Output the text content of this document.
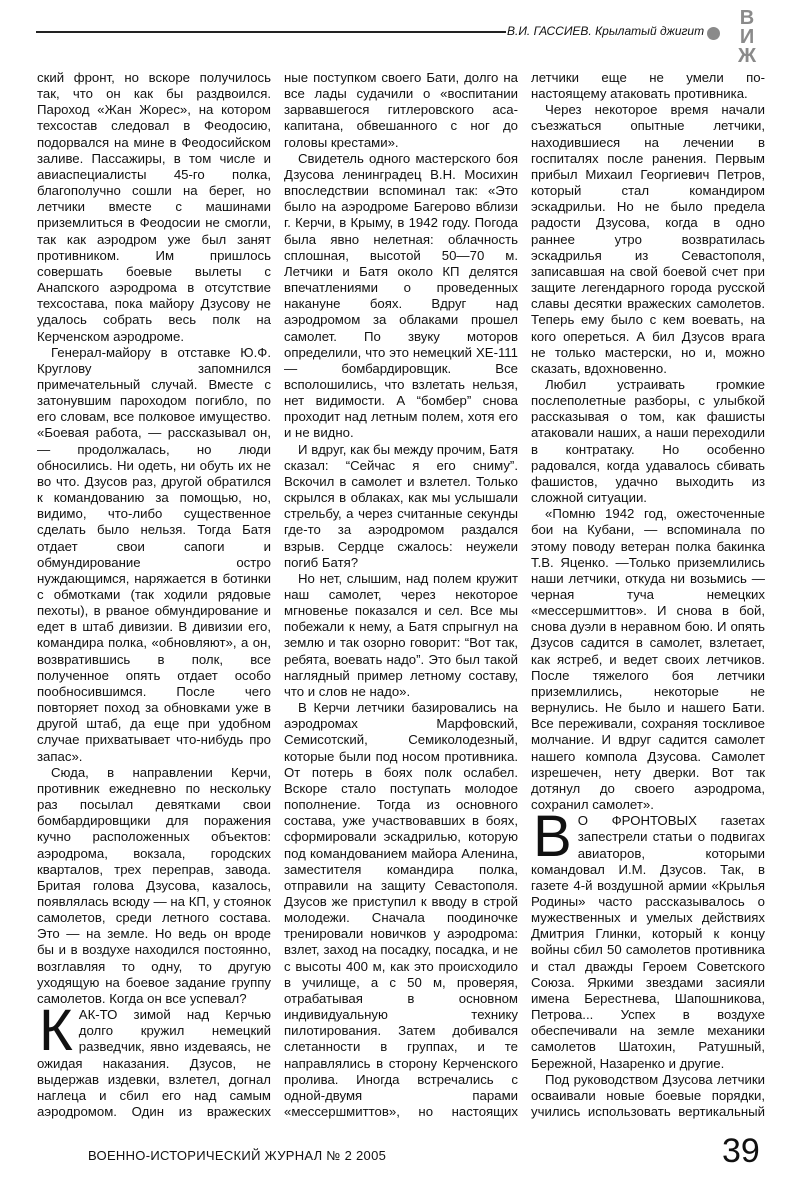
В.И. ГАССИЕВ. Крылатый джигит
В
И
Ж

ский фронт, но вскоре получилось так, что он как бы раздвоился. Пароход «Жан Жорес», на котором техсостав следовал в Феодосию, подорвался на мине в Феодосийском заливе. Пассажиры, в том числе и авиаспециалисты 45-го полка, благополучно сошли на берег, но летчики вместе с машинами приземлиться в Феодосии не смогли, так как аэродром уже был занят противником. Им пришлось совершать боевые вылеты с Анапского аэродрома в отсутствие техсостава, пока майору Дзусову не удалось собрать весь полк на Керченском аэродроме.

Генерал-майору в отставке Ю.Ф. Круглову запомнился примечательный случай. Вместе с затонувшим пароходом погибло, по его словам, все полковое имущество. «Боевая работа, — рассказывал он, — продолжалась, но люди обносились. Ни одеть, ни обуть их не во что. Дзусов раз, другой обратился к командованию за помощью, но, видимо, что-либо существенное сделать было нельзя. Тогда Батя отдает свои сапоги и обмундирование остро нуждающимся, наряжается в ботинки с обмотками (так ходили рядовые пехоты), в рваное обмундирование и едет в штаб дивизии. В дивизии его, командира полка, «обновляют», а он, возвратившись в полк, все полученное опять отдает особо пообносившимся. После чего повторяет поход за обновками уже в другой штаб, да еще при удобном случае прихватывает что-нибудь про запас».

Сюда, в направлении Керчи, противник ежедневно по нескольку раз посылал девятками свои бомбардировщики для поражения кучно расположенных объектов: аэродрома, вокзала, городских кварталов, трех переправ, завода. Бритая голова Дзусова, казалось, появлялась всюду — на КП, у стоянок самолетов, среди летного состава. Это — на земле. Но ведь он вроде бы и в воздухе находился постоянно, возглавляя то одну, то другую уходящую на боевое задание группу самолетов. Когда он все успевал?

КАК-ТО зимой над Керчью долго кружил немецкий разведчик, явно издеваясь, не ожидая наказания. Дзусов, не выдержав издевки, взлетел, догнал наглеца и сбил его над самым аэродромом. Один из вражеских

ные поступком своего Бати, долго на все лады судачили о «воспитании зарвавшегося гитлеровского аса-капитана, обвешанного с ног до головы крестами».

Свидетель одного мастерского боя Дзусова ленинградец В.Н. Мосихин впоследствии вспоминал так: «Это было на аэродроме Багерово вблизи г. Керчи, в Крыму, в 1942 году. Погода была явно нелетная: облачность сплошная, высотой 50—70 м. Летчики и Батя около КП делятся впечатлениями о проведенных накануне боях. Вдруг над аэродромом за облаками прошел самолет. По звуку моторов определили, что это немецкий ХЕ-111 — бомбардировщик. Все всполошились, что взлетать нельзя, нет видимости. А “бомбер” снова проходит над летным полем, хотя его и не видно.

И вдруг, как бы между прочим, Батя сказал: “Сейчас я его сниму”. Вскочил в самолет и взлетел. Только скрылся в облаках, как мы услышали стрельбу, а через считанные секунды где-то за аэродромом раздался взрыв. Сердце сжалось: неужели погиб Батя?

Но нет, слышим, над полем кружит наш самолет, через некоторое мгновенье показался и сел. Все мы побежали к нему, а Батя спрыгнул на землю и так озорно говорит: “Вот так, ребята, воевать надо”. Это был такой наглядный пример летному составу, что и слов не надо».

В Керчи летчики базировались на аэродромах Марфовский, Семисотский, Семиколодезный, которые были под носом противника. От потерь в боях полк ослабел. Вскоре стало поступать молодое пополнение. Тогда из основного состава, уже участвовавших в боях, сформировали эскадрилью, которую под командованием майора Аленина, заместителя командира полка, отправили на защиту Севастополя. Дзусов же приступил к вводу в строй молодежи. Сначала поодиночке тренировали новичков у аэродрома: взлет, заход на посадку, посадка, и не с высоты 400 м, как это происходило в училище, а с 50 м, проверяя, отрабатывая в основном индивидуальную технику пилотирования. Затем добивался слетанности в группах, и те направлялись в сторону Керченского пролива. Иногда встречались с одной-двумя парами «мессершмиттов», но настоящих

летчики еще не умели по-настоящему атаковать противника.

Через некоторое время начали съезжаться опытные летчики, находившиеся на лечении в госпиталях после ранения. Первым прибыл Михаил Георгиевич Петров, который стал командиром эскадрильи. Но не было предела радости Дзусова, когда в одно раннее утро возвратилась эскадрилья из Севастополя, записавшая на свой боевой счет при защите легендарного города русской славы десятки вражеских самолетов. Теперь ему было с кем воевать, на кого опереться. А бил Дзусов врага не только мастерски, но и, можно сказать, вдохновенно.

Любил устраивать громкие послеполетные разборы, с улыбкой рассказывая о том, как фашисты атаковали наших, а наши переходили в контратаку. Но особенно радовался, когда удавалось сбивать фашистов, удачно выходить из сложной ситуации.

«Помню 1942 год, ожесточенные бои на Кубани, — вспоминала по этому поводу ветеран полка бакинка Т.В. Яценко. —Только приземлились наши летчики, откуда ни возьмись — черная туча немецких «мессершмиттов». И снова в бой, снова дуэли в неравном бою. И опять Дзусов садится в самолет, взлетает, как ястреб, и ведет своих летчиков. После тяжелого боя летчики приземлились, некоторые не вернулись. Не было и нашего Бати. Все переживали, сохраняя тоскливое молчание. И вдруг садится самолет нашего компола Дзусова. Самолет изрешечен, нету дверки. Вот так дотянул до своего аэродрома, сохранил самолет».

В О ФРОНТОВЫХ газетах запестрели статьи о подвигах авиаторов, которыми командовал И.М. Дзусов. Так, в газете 4-й воздушной армии «Крылья Родины» часто рассказывалось о мужественных и умелых действиях Дмитрия Глинки, который к концу войны сбил 50 самолетов противника и стал дважды Героем Советского Союза. Яркими звездами засияли имена Берестнева, Шапошникова, Петрова... Успех в воздухе обеспечивали на земле механики самолетов Шатохин, Ратушный, Бережной, Назаренко и другие.

Под руководством Дзусова летчики осваивали новые боевые порядки, учились использовать вертикальный

ВОЕННО-ИСТОРИЧЕСКИЙ ЖУРНАЛ № 2 2005	39
